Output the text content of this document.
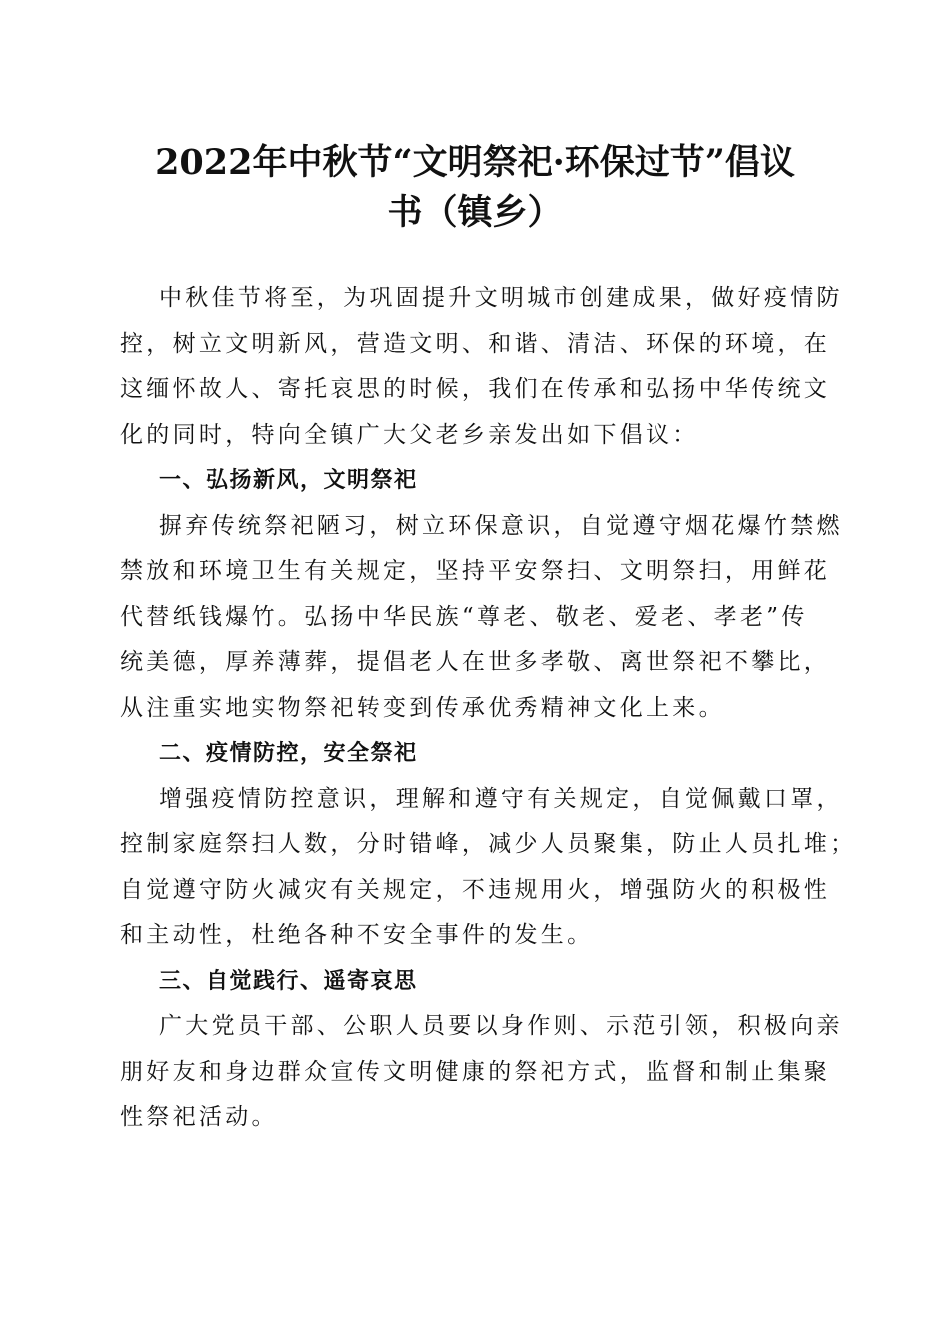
2022年中秋节“文明祭祀·环保过节”倡议
书（镇乡）

中秋佳节将至，为巩固提升文明城市创建成果，做好疫情防
控，树立文明新风，营造文明、和谐、清洁、环保的环境，在
这缅怀故人、寄托哀思的时候，我们在传承和弘扬中华传统文
化的同时，特向全镇广大父老乡亲发出如下倡议：

一、弘扬新风，文明祭祀

摒弃传统祭祀陋习，树立环保意识，自觉遵守烟花爆竹禁燃
禁放和环境卫生有关规定，坚持平安祭扫、文明祭扫，用鲜花
代替纸钱爆竹。弘扬中华民族“尊老、敬老、爱老、孝老”传
统美德，厚养薄葬，提倡老人在世多孝敬、离世祭祀不攀比，
从注重实地实物祭祀转变到传承优秀精神文化上来。

二、疫情防控，安全祭祀

增强疫情防控意识，理解和遵守有关规定，自觉佩戴口罩，
控制家庭祭扫人数，分时错峰，减少人员聚集，防止人员扎堆；
自觉遵守防火减灾有关规定，不违规用火，增强防火的积极性
和主动性，杜绝各种不安全事件的发生。

三、自觉践行、遥寄哀思

广大党员干部、公职人员要以身作则、示范引领，积极向亲
朋好友和身边群众宣传文明健康的祭祀方式，监督和制止集聚
性祭祀活动。
